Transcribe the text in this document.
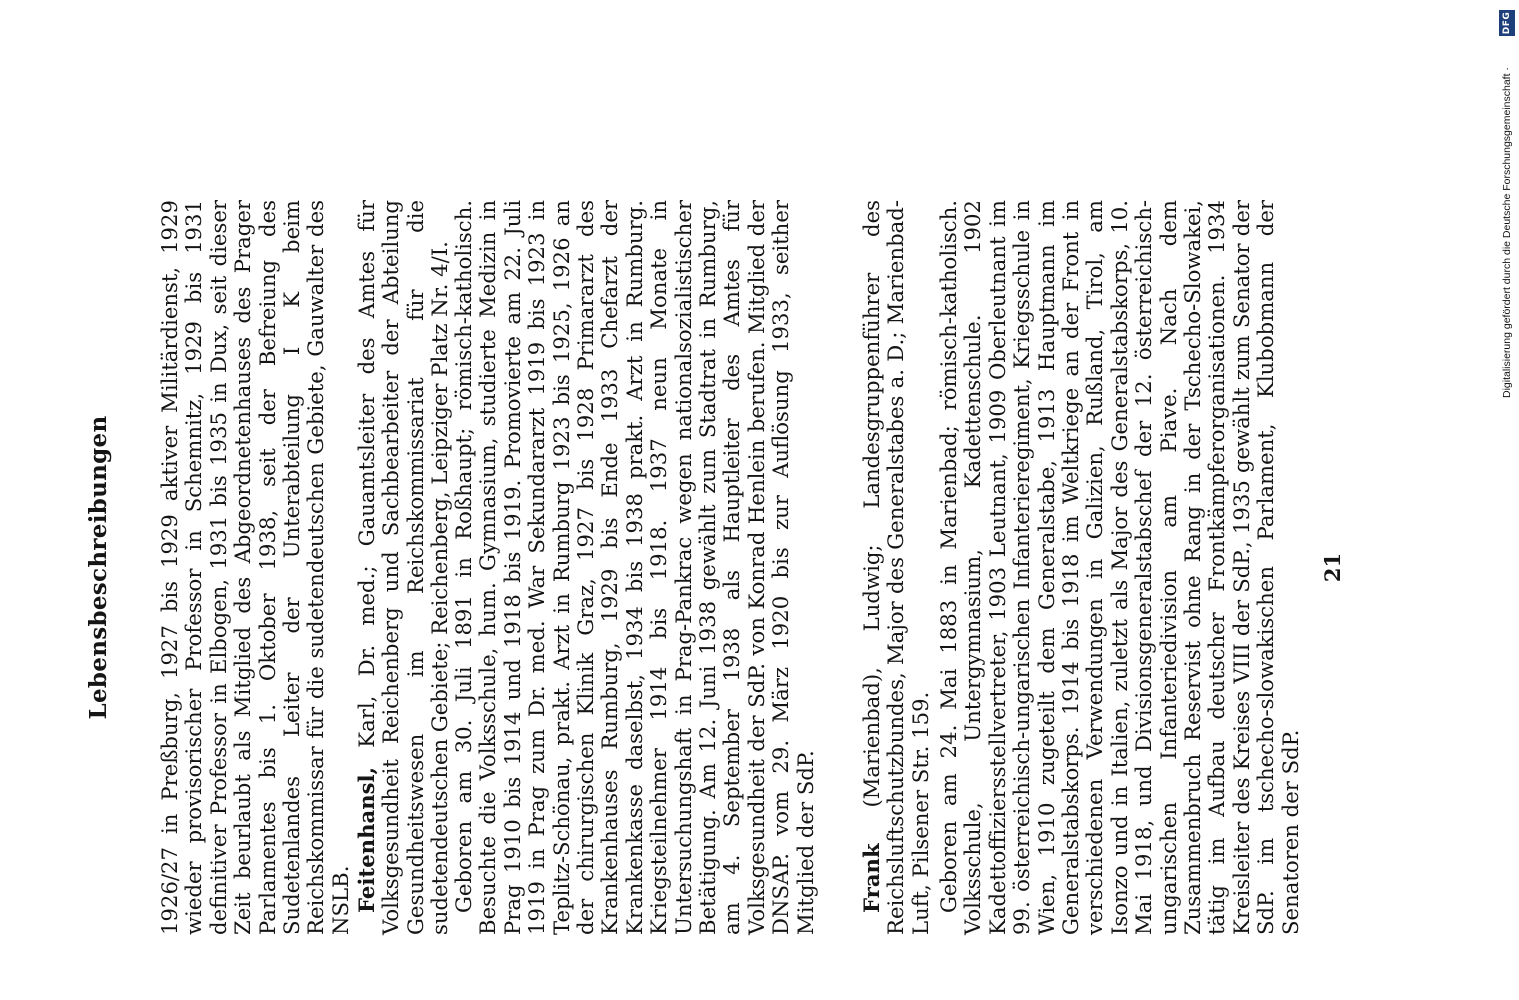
Lebensbeschreibungen 1926/27 in Preßburg, 1927 bis 1929 aktiver Militärdienst, 1929 wieder provisorischer Professor in Schemnitz, 1929 bis 1931 definitiver Professor in Elbogen, 1931 bis 1935 in Dux, seit dieser Zeit beurlaubt als Mitglied des Abgeordnetenhauses des Prager Parlamentes bis 1. Oktober 1938, seit der Befreiung des Sudetenlandes Leiter der Unterabteilung I K beim Reichskommissar für die sudetendeutschen Gebiete, Gauwalter des NSLB. Feitenhansl, Karl, Dr. med.; Gauamtsleiter des Amtes für Volksgesundheit Reichenberg und Sachbearbeiter der Abteilung Gesundheitswesen im Reichskommissariat für die sudetendeutschen Gebiete; Reichenberg, Leipziger Platz Nr. 4/I.

Geboren am 30. Juli 1891 in Roßhaupt; römisch-katholisch. Besuchte die Volksschule, hum. Gymnasium, studierte Medizin in Prag 1910 bis 1914 und 1918 bis 1919. Promovierte am 22. Juli 1919 in Prag zum Dr. med. War Sekundararzt 1919 bis 1923 in Teplitz-Schönau, prakt. Arzt in Rumburg 1923 bis 1925, 1926 an der chirurgischen Klinik Graz, 1927 bis 1928 Primararzt des Krankenhauses Rumburg, 1929 bis Ende 1933 Chefarzt der Krankenkasse daselbst, 1934 bis 1938 prakt. Arzt in Rumburg. Kriegsteilnehmer 1914 bis 1918. 1937 neun Monate in Untersuchungshaft in Prag-Pankrac wegen nationalsozialistischer Betätigung. Am 12. Juni 1938 gewählt zum Stadtrat in Rumburg, am 4. September 1938 als Hauptleiter des Amtes für Volksgesundheit der SdP. von Konrad Henlein berufen. Mitglied der DNSAP. vom 29. März 1920 bis zur Auflösung 1933, seither Mitglied der SdP. Frank (Marienbad), Ludwig; Landesgruppenführer des Reichsluftschutzbundes, Major des Generalstabes a. D.; Marienbad-Luft, Pilsener Str. 159. Geboren am 24. Mai 1883 in Marienbad; römisch-katholisch. Volksschule, Untergymnasium, Kadettenschule. 1902 Kadettoffiziersstellvertreter, 1903 Leutnant, 1909 Oberleutnant im 99. österreichisch-ungarischen Infanterieregiment, Kriegsschule in Wien, 1910 zugeteilt dem Generalstabe, 1913 Hauptmann im Generalstabskorps. 1914 bis 1918 im Weltkriege an der Front in verschiedenen Verwendungen in Galizien, Rußland, Tirol, am Isonzo und in Italien, zuletzt als Major des Generalstabskorps, 10. Mai 1918, und Divisionsgeneralstabschef der 12. österreichisch-ungarischen Infanteriedivision am Piave. Nach dem Zusammenbruch Reservist ohne Rang in der Tschecho-Slowakei, tätig im Aufbau deutscher Frontkämpferorganisationen. 1934 Kreisleiter des Kreises VIII der SdP., 1935 gewählt zum Senator der SdP. im tschecho-slowakischen Parlament, Klubobmann der Senatoren der SdP.

21
Digitalisierung gefördert durch die Deutsche Forschungsgemeinschaft ·
DFG
